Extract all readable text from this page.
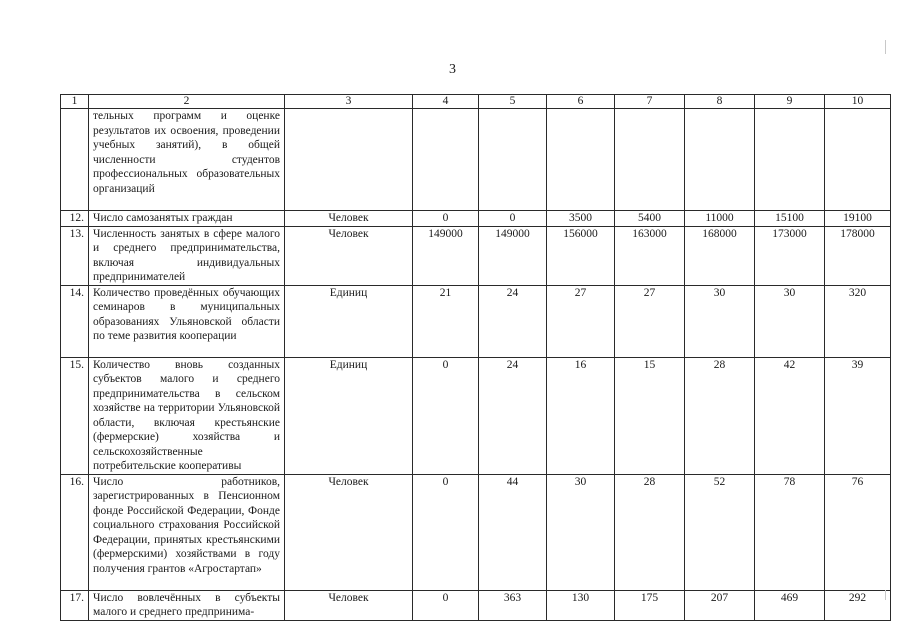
3
1	2	3	4	5	6	7	8	9	10
	тельных программ и оценке результатов их освоения, проведении учебных занятий), в общей численности студентов профессиональных образовательных организаций								
12.	Число самозанятых граждан	Человек	0	0	3500	5400	11000	15100	19100
13.	Численность занятых в сфере малого и среднего предпринимательства, включая индивидуальных предпринимателей	Человек	149000	149000	156000	163000	168000	173000	178000
14.	Количество проведённых обучающих семинаров в муниципальных образованиях Ульяновской области по теме развития кооперации	Единиц	21	24	27	27	30	30	320
15.	Количество вновь созданных субъектов малого и среднего предпринимательства в сельском хозяйстве на территории Ульяновской области, включая крестьянские (фермерские) хозяйства и сельскохозяйственные потребительские кооперативы	Единиц	0	24	16	15	28	42	39
16.	Число работников, зарегистрированных в Пенсионном фонде Российской Федерации, Фонде социального страхования Российской Федерации, принятых крестьянскими (фермерскими) хозяйствами в году получения грантов «Агростартап»	Человек	0	44	30	28	52	78	76
17.	Число вовлечённых в субъекты малого и среднего предпринима-	Человек	0	363	130	175	207	469	292
